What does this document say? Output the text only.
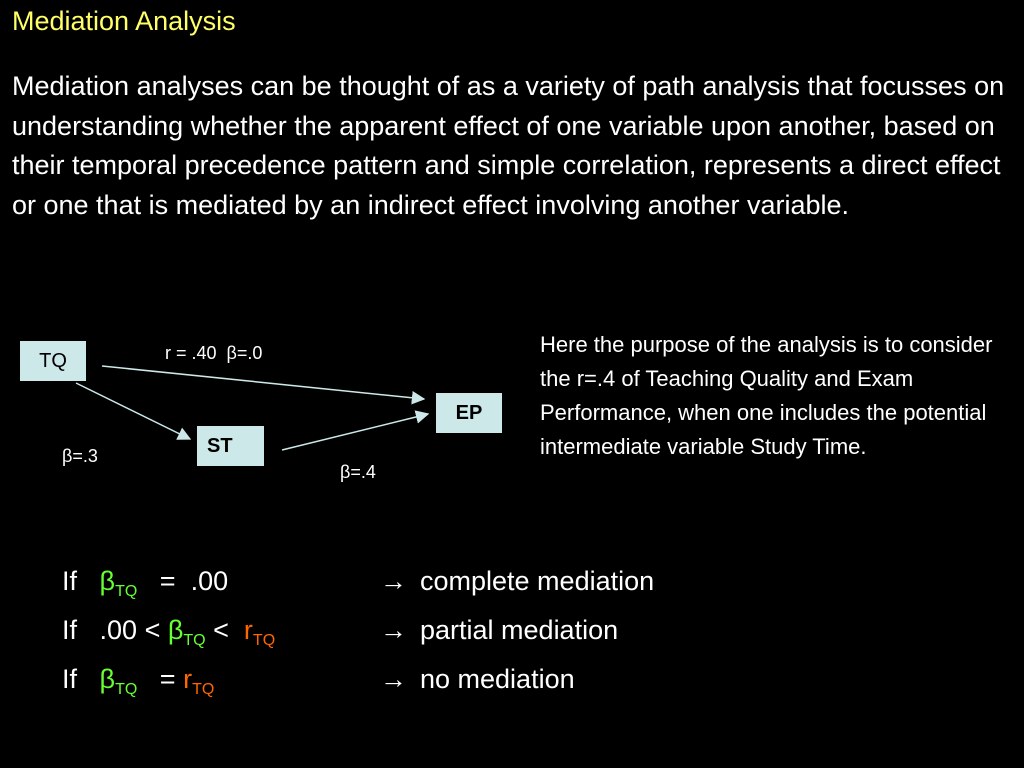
Mediation Analysis
Mediation analyses can be thought of as a variety of path analysis that focusses on understanding whether the apparent effect of one variable upon another, based on their temporal precedence pattern and simple correlation, represents a direct effect or one that is mediated by an indirect effect involving another variable.
TQ
EP
ST
r = .40  β=.0
β=.3
β=.4
Here the purpose of the analysis is to consider the r=.4 of Teaching Quality and Exam Performance, when one includes the potential intermediate variable Study Time.
If $\beta_{TQ} = .00$	→ complete mediation
If $.00 < \beta_{TQ} < r_{TQ}$	→ partial mediation
If $\beta_{TQ} = r_{TQ}$	→ no mediation
